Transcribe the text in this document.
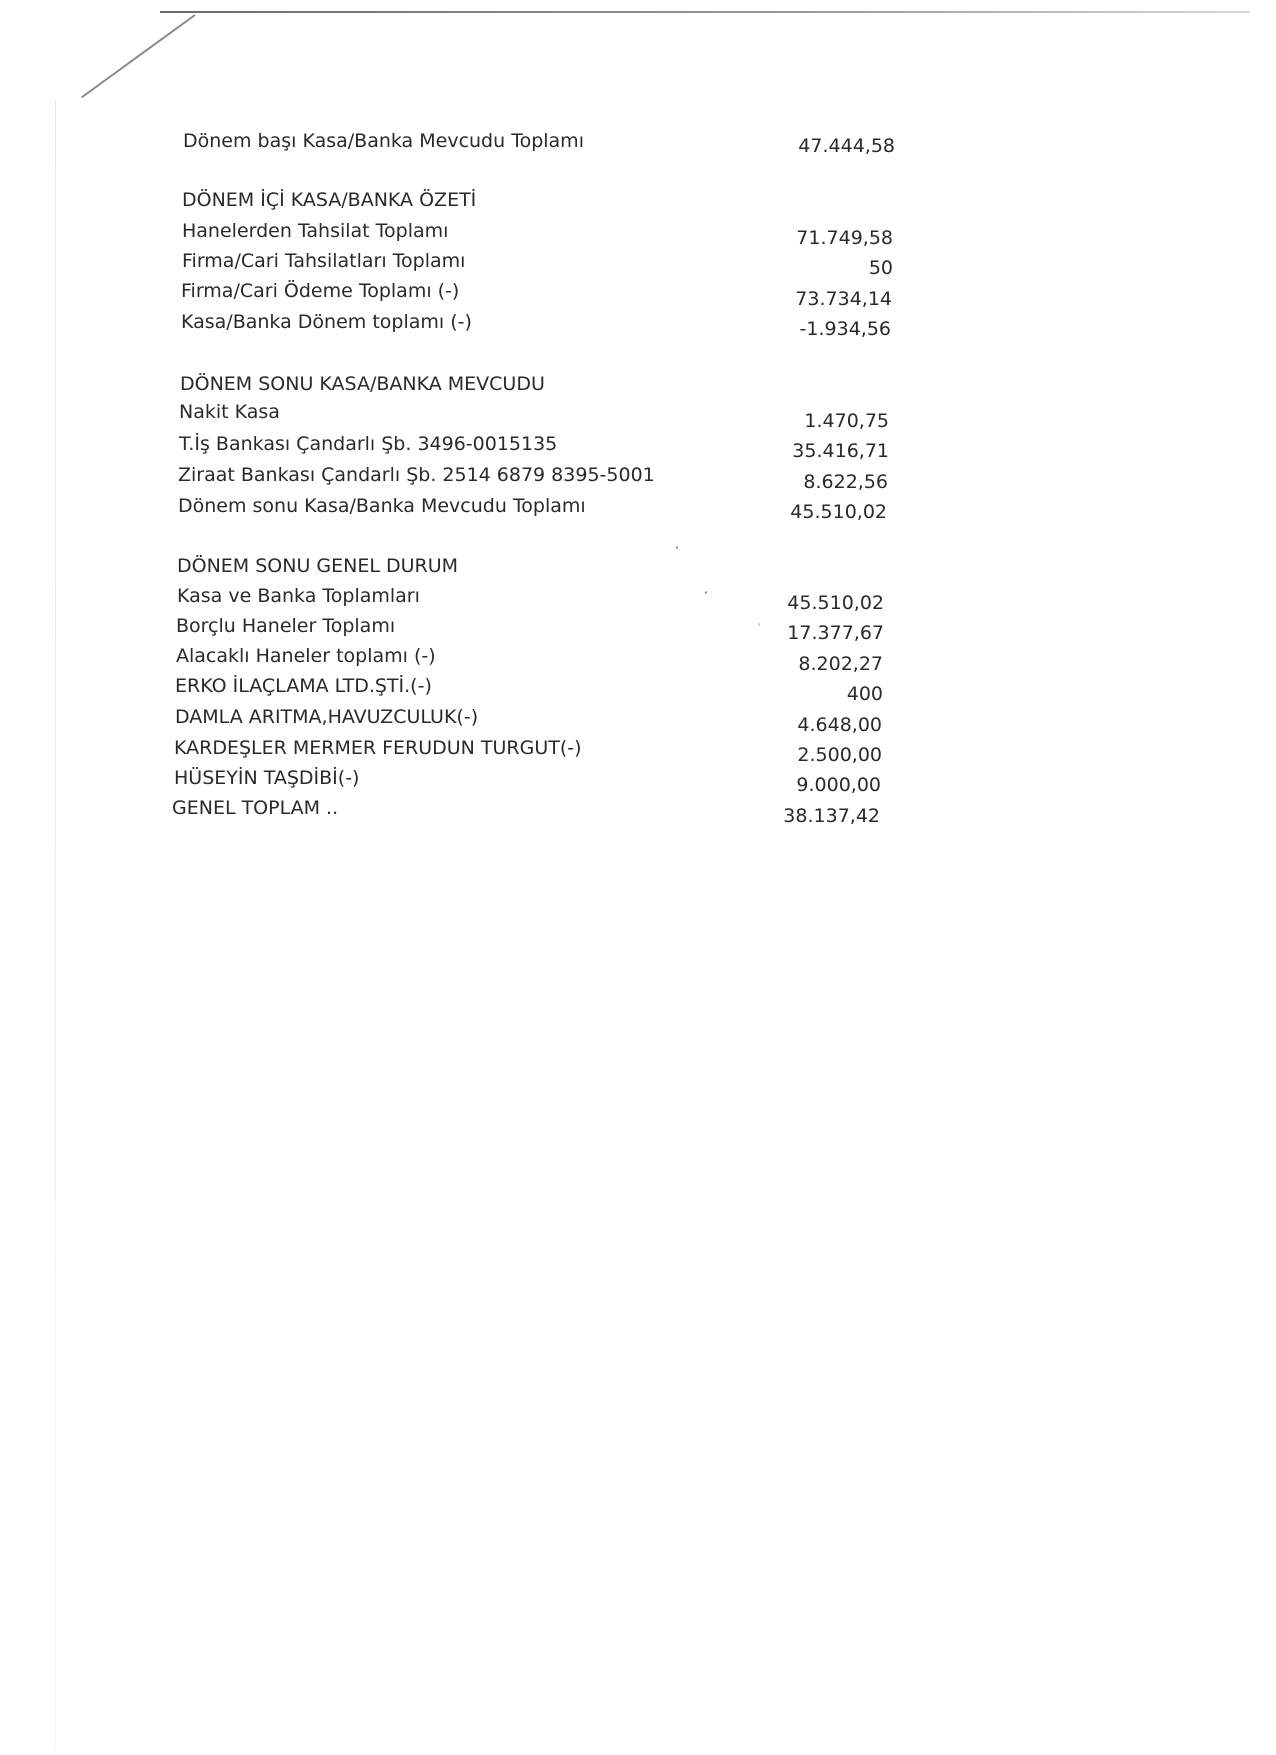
Dönem başı Kasa/Banka Mevcudu Toplamı	47.444,58
DÖNEM İÇİ KASA/BANKA ÖZETİ
Hanelerden Tahsilat Toplamı	71.749,58
Firma/Cari Tahsilatları Toplamı	50
Firma/Cari Ödeme Toplamı (-)	73.734,14
Kasa/Banka Dönem toplamı (-)	-1.934,56
DÖNEM SONU KASA/BANKA MEVCUDU
Nakit Kasa	1.470,75
T.İş Bankası Çandarlı Şb. 3496-0015135	35.416,71
Ziraat Bankası Çandarlı Şb. 2514 6879 8395-5001	8.622,56
Dönem sonu Kasa/Banka Mevcudu Toplamı	45.510,02
DÖNEM SONU GENEL DURUM
Kasa ve Banka Toplamları	45.510,02
Borçlu Haneler Toplamı	17.377,67
Alacaklı Haneler toplamı (-)	8.202,27
ERKO İLAÇLAMA LTD.ŞTİ.(-)	400
DAMLA ARITMA,HAVUZCULUK(-)	4.648,00
KARDEŞLER MERMER FERUDUN TURGUT(-)	2.500,00
HÜSEYİN TAŞDİBİ(-)	9.000,00
GENEL TOPLAM ..	38.137,42
